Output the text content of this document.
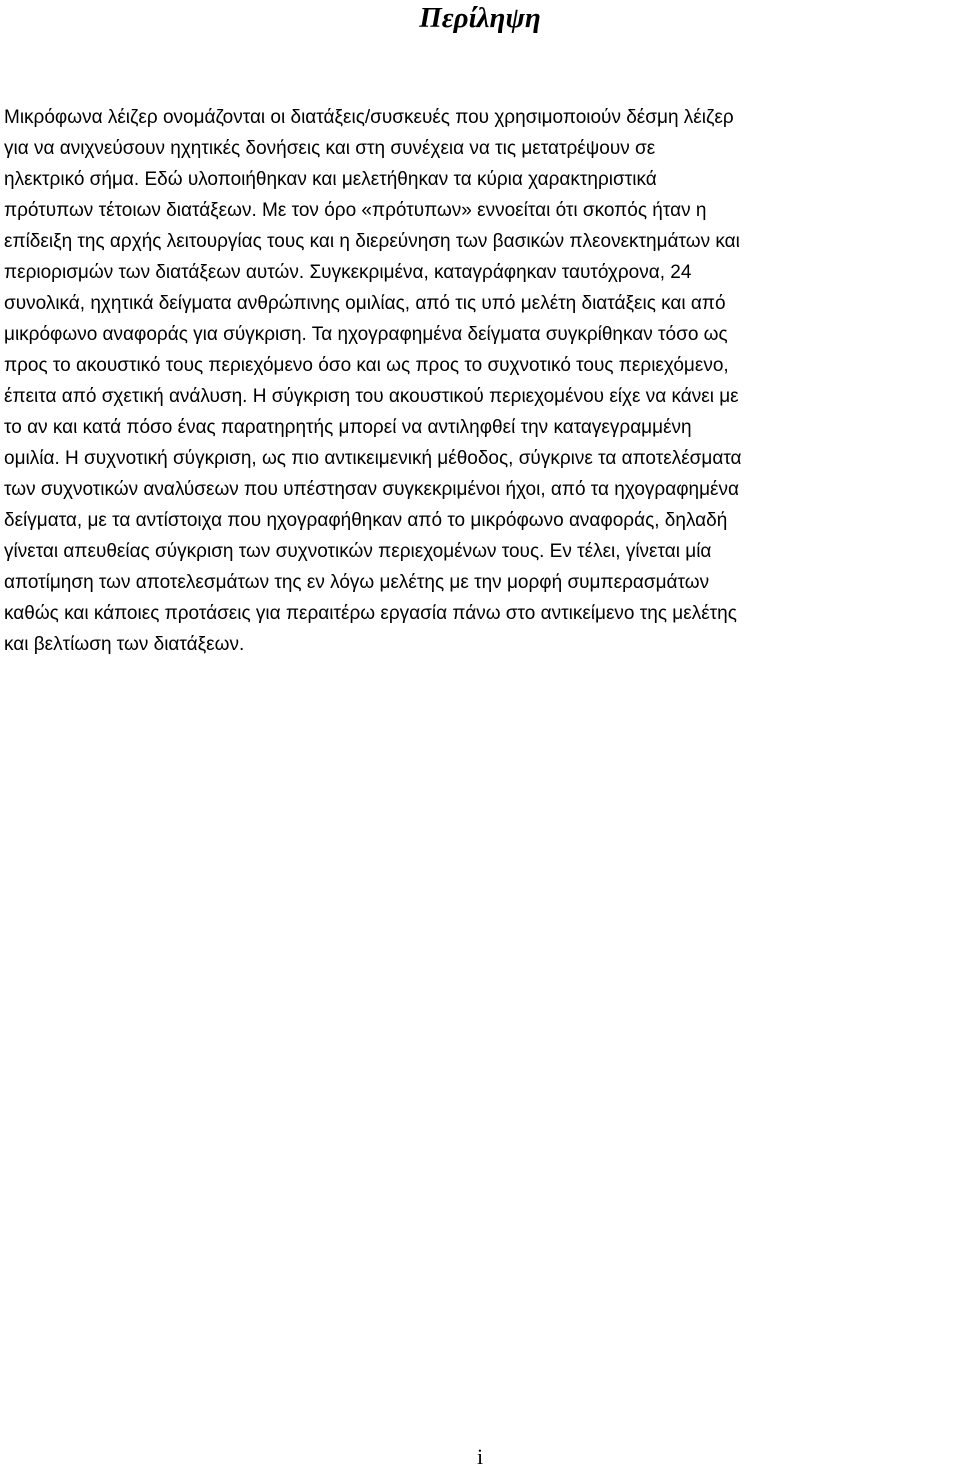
Περίληψη
Μικρόφωνα λέιζερ ονομάζονται οι διατάξεις/συσκευές που χρησιμοποιούν δέσμη λέιζερ
για να ανιχνεύσουν ηχητικές δονήσεις και στη συνέχεια να τις μετατρέψουν σε
ηλεκτρικό σήμα. Εδώ υλοποιήθηκαν και μελετήθηκαν τα κύρια χαρακτηριστικά
πρότυπων τέτοιων διατάξεων. Με τον όρο «πρότυπων» εννοείται ότι σκοπός ήταν η
επίδειξη της αρχής λειτουργίας τους και η διερεύνηση των βασικών πλεονεκτημάτων και
περιορισμών των διατάξεων αυτών. Συγκεκριμένα, καταγράφηκαν ταυτόχρονα, 24
συνολικά, ηχητικά δείγματα ανθρώπινης ομιλίας, από τις υπό μελέτη διατάξεις και από
μικρόφωνο αναφοράς για σύγκριση. Τα ηχογραφημένα δείγματα συγκρίθηκαν τόσο ως
προς το ακουστικό τους περιεχόμενο όσο και ως προς το συχνοτικό τους περιεχόμενο,
έπειτα από σχετική ανάλυση. Η σύγκριση του ακουστικού περιεχομένου είχε να κάνει με
το αν και κατά πόσο ένας παρατηρητής μπορεί να αντιληφθεί την καταγεγραμμένη
ομιλία. Η συχνοτική σύγκριση, ως πιο αντικειμενική μέθοδος, σύγκρινε τα αποτελέσματα
των συχνοτικών αναλύσεων που υπέστησαν συγκεκριμένοι ήχοι, από τα ηχογραφημένα
δείγματα, με τα αντίστοιχα που ηχογραφήθηκαν από το μικρόφωνο αναφοράς, δηλαδή
γίνεται απευθείας σύγκριση των συχνοτικών περιεχομένων τους. Εν τέλει, γίνεται μία
αποτίμηση των αποτελεσμάτων της εν λόγω μελέτης με την μορφή συμπερασμάτων
καθώς και κάποιες προτάσεις για περαιτέρω εργασία πάνω στο αντικείμενο της μελέτης
και βελτίωση των διατάξεων.
i
